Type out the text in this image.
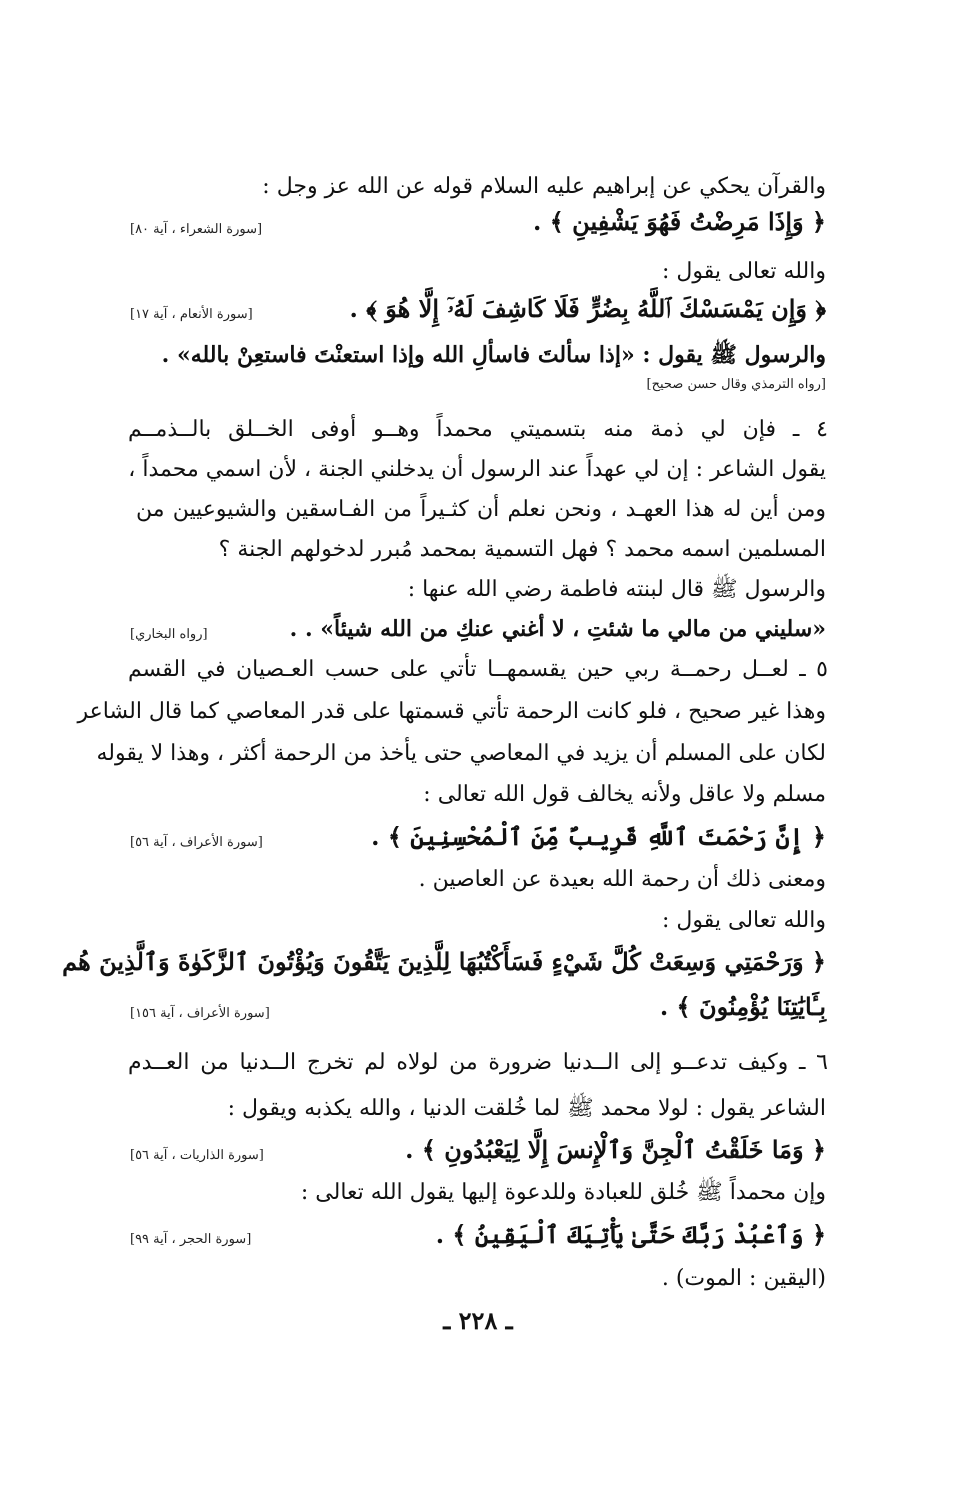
والقرآن يحكي عن إبراهيم عليه السلام قوله عن الله عز وجل :
﴿ وَإِذَا مَرِضْتُ فَهُوَ يَشْفِينِ ﴾ .
[سورة الشعراء ، آية ٨٠]
والله تعالى يقول :
﴿ وَإِن يَمْسَسْكَ ٱللَّهُ بِضُرٍّ فَلَا كَاشِفَ لَهُۥٓ إِلَّا هُوَ ﴾ .
[سورة الأنعام ، آية ١٧]
والرسول ﷺ يقول : «إذا سألتَ فاسألِ الله وإذا استعنْتَ فاستعِنْ بالله» .
[رواه الترمذي وقال حسن صحيح]
٤ ـ فإن لي ذمة منه بتسميتي محمداً وهــو أوفى الخــلق بالــذمــم
يقول الشاعر : إن لي عهداً عند الرسول أن يدخلني الجنة ، لأن اسمي محمداً ،
ومن أين له هذا العهـد ، ونحن نعلم أن كثـيراً من الفـاسقين والشيوعيين من
المسلمين اسمه محمد ؟ فهل التسمية بمحمد مُبرر لدخولهم الجنة ؟
والرسول ﷺ قال لبنته فاطمة رضي الله عنها :
«سليني من مالي ما شئتِ ، لا أغني عنكِ من الله شيئاً» . .
[رواه البخاري]
٥ ـ لعــل رحمــة ربي حين يقسمهــا تأتي على حسب العـصيان في القسم
وهذا غير صحيح ، فلو كانت الرحمة تأتي قسمتها على قدر المعاصي كما قال الشاعر
لكان على المسلم أن يزيد في المعاصي حتى يأخذ من الرحمة أكثر ، وهذا لا يقوله
مسلم ولا عاقل ولأنه يخالف قول الله تعالى :
﴿ إِنَّ رَحْمَتَ ٱللَّهِ قَرِيبٌ مِّنَ ٱلْمُحْسِنِينَ ﴾ .
[سورة الأعراف ، آية ٥٦]
ومعنى ذلك أن رحمة الله بعيدة عن العاصين .
والله تعالى يقول :
﴿ وَرَحْمَتِي وَسِعَتْ كُلَّ شَيْءٍ فَسَأَكْتُبُهَا لِلَّذِينَ يَتَّقُونَ وَيُؤْتُونَ ٱلزَّكَوٰةَ وَٱلَّذِينَ هُم
بِـَٔايَٰتِنَا يُؤْمِنُونَ ﴾ .
[سورة الأعراف ، آية ١٥٦]
٦ ـ وكيف تدعــو إلى الــدنيا ضرورة من لولاه لم تخرج الــدنيا من العــدم
الشاعر يقول : لولا محمد ﷺ لما خُلقت الدنيا ، والله يكذبه ويقول :
﴿ وَمَا خَلَقْتُ ٱلْجِنَّ وَٱلْإِنسَ إِلَّا لِيَعْبُدُونِ ﴾ .
[سورة الذاريات ، آية ٥٦]
وإن محمداً ﷺ خُلق للعبادة وللدعوة إليها يقول الله تعالى :
﴿ وَٱعْبُدْ رَبَّكَ حَتَّىٰ يَأْتِيَكَ ٱلْيَقِينُ ﴾ .
[سورة الحجر ، آية ٩٩]
(اليقين : الموت) .
ـ ٢٢٨ ـ
